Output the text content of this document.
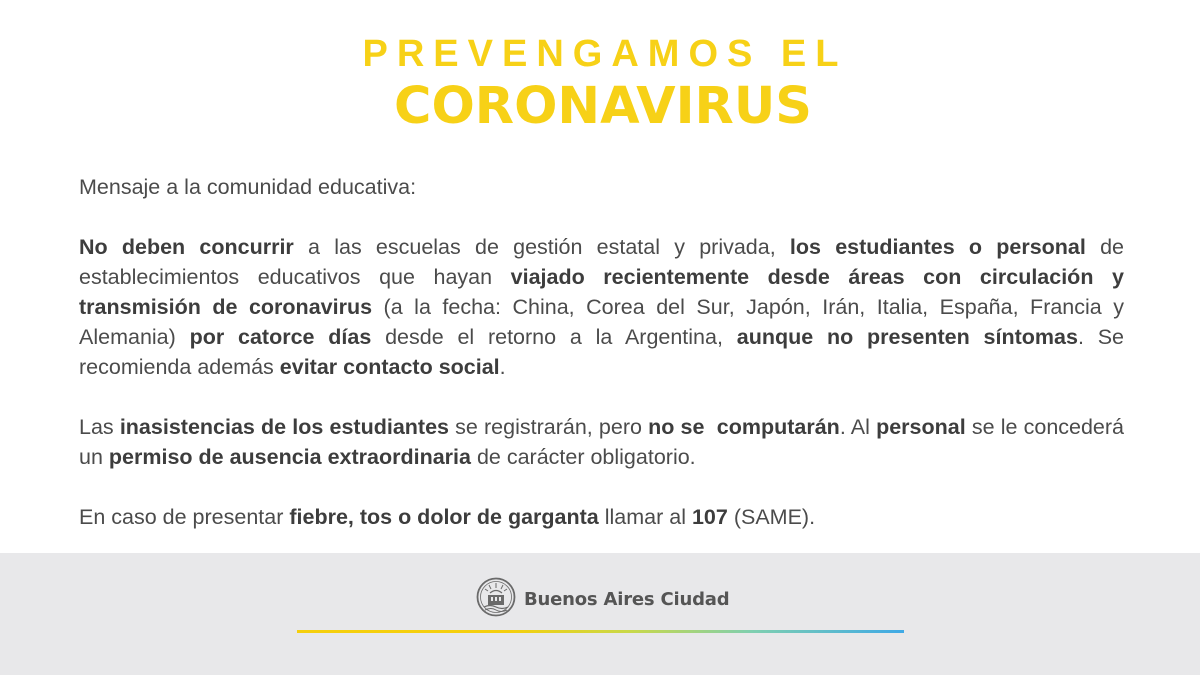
PREVENGAMOS EL
CORONAVIRUS

Mensaje a la comunidad educativa:

No deben concurrir a las escuelas de gestión estatal y privada, los estudiantes o personal de establecimientos educativos que hayan viajado recientemente desde áreas con circulación y transmisión de coronavirus (a la fecha: China, Corea del Sur, Japón, Irán, Italia, España, Francia y Alemania) por catorce días desde el retorno a la Argentina, aunque no presenten síntomas. Se recomienda además evitar contacto social.

Las inasistencias de los estudiantes se registrarán, pero no se  computarán. Al personal se le concederá un permiso de ausencia extraordinaria de carácter obligatorio.

En caso de presentar fiebre, tos o dolor de garganta llamar al 107 (SAME).

Buenos Aires Ciudad
